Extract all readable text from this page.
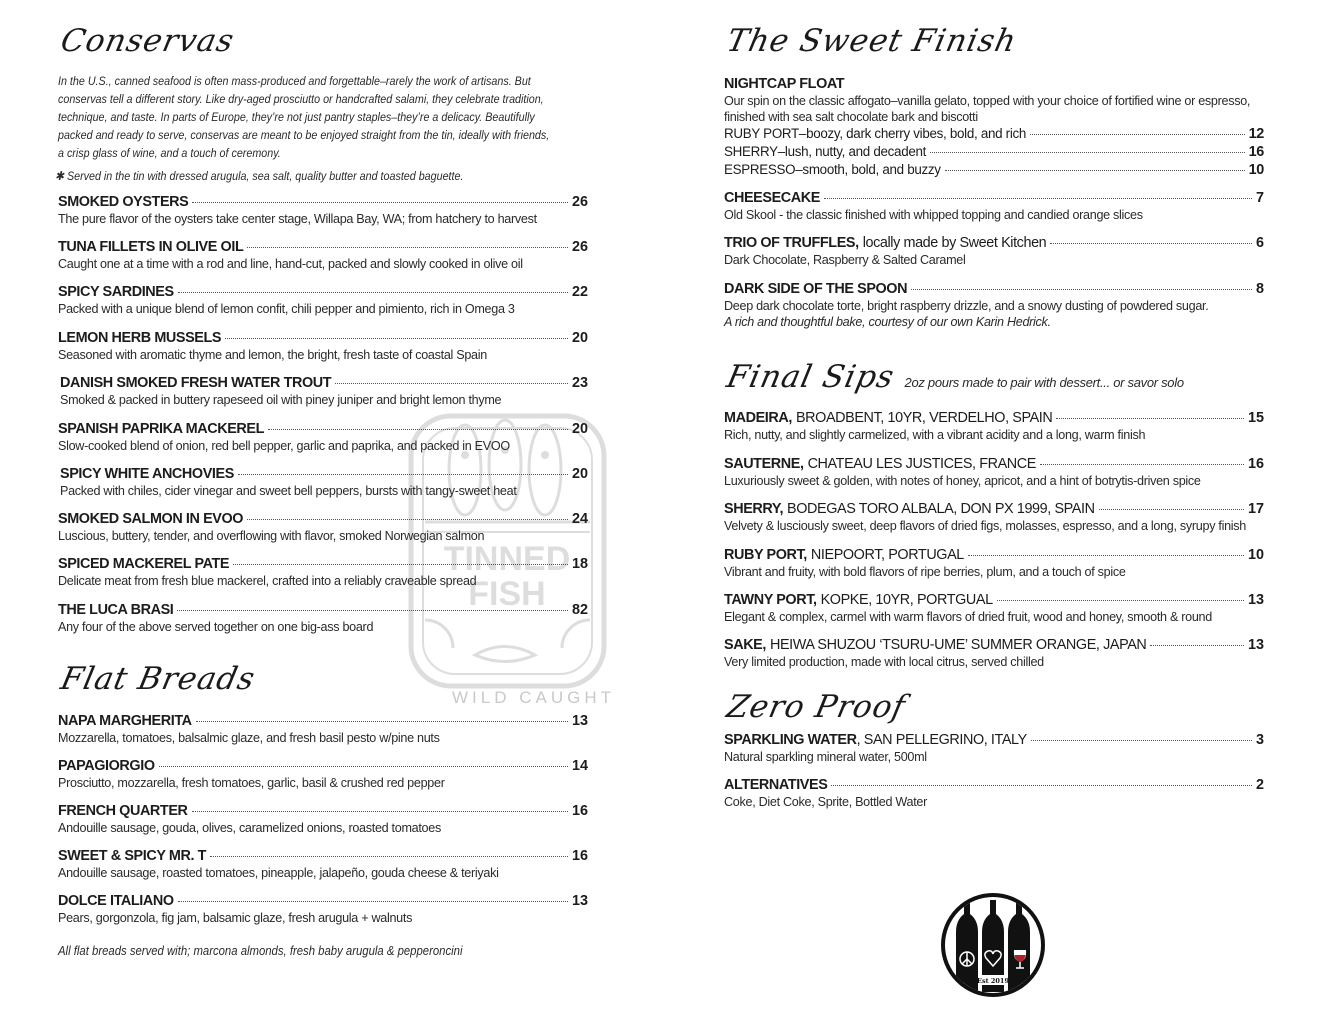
Conservas
In the U.S., canned seafood is often mass-produced and forgettable–rarely the work of artisans. But
conservas tell a different story. Like dry-aged prosciutto or handcrafted salami, they celebrate tradition,
technique, and taste. In parts of Europe, they’re not just pantry staples–they’re a delicacy. Beautifully
packed and ready to serve, conservas are meant to be enjoyed straight from the tin, ideally with friends,
a crisp glass of wine, and a touch of ceremony.
✱ Served in the tin with dressed arugula, sea salt, quality butter and toasted baguette.
SMOKED OYSTERS	26
The pure flavor of the oysters take center stage, Willapa Bay, WA; from hatchery to harvest
TUNA FILLETS IN OLIVE OIL	26
Caught one at a time with a rod and line, hand-cut, packed and slowly cooked in olive oil
SPICY SARDINES	22
Packed with a unique blend of lemon confit, chili pepper and pimiento, rich in Omega 3
LEMON HERB MUSSELS	20
Seasoned with aromatic thyme and lemon, the bright, fresh taste of coastal Spain
DANISH SMOKED FRESH WATER TROUT	23
Smoked & packed in buttery rapeseed oil with piney juniper and bright lemon thyme
SPANISH PAPRIKA MACKEREL	20
Slow-cooked blend of onion, red bell pepper, garlic and paprika, and packed in EVOO
SPICY WHITE ANCHOVIES	20
Packed with chiles, cider vinegar and sweet bell peppers, bursts with tangy-sweet heat
SMOKED SALMON IN EVOO	24
Luscious, buttery, tender, and overflowing with flavor, smoked Norwegian salmon
SPICED MACKEREL PATE	18
Delicate meat from fresh blue mackerel, crafted into a reliably craveable spread
THE LUCA BRASI	82
Any four of the above served together on one big-ass board
Flat Breads
NAPA MARGHERITA	13
Mozzarella, tomatoes, balsalmic glaze, and fresh basil pesto w/pine nuts
PAPAGIORGIO	14
Prosciutto, mozzarella, fresh tomatoes, garlic, basil & crushed red pepper
FRENCH QUARTER	16
Andouille sausage, gouda, olives, caramelized onions, roasted tomatoes
SWEET & SPICY MR. T	16
Andouille sausage, roasted tomatoes, pineapple, jalapeño, gouda cheese & teriyaki
DOLCE ITALIANO	13
Pears, gorgonzola, fig jam, balsamic glaze, fresh arugula + walnuts
All flat breads served with; marcona almonds, fresh baby arugula & pepperoncini
TINNED
FISH
WILD CAUGHT
The Sweet Finish
NIGHTCAP FLOAT
Our spin on the classic affogato–vanilla gelato, topped with your choice of fortified wine or espresso,
finished with sea salt chocolate bark and biscotti
RUBY PORT–boozy, dark cherry vibes, bold, and rich	12
SHERRY–lush, nutty, and decadent	16
ESPRESSO–smooth, bold, and buzzy	10
CHEESECAKE	7
Old Skool - the classic finished with whipped topping and candied orange slices
TRIO OF TRUFFLES, locally made by Sweet Kitchen	6
Dark Chocolate, Raspberry & Salted Caramel
DARK SIDE OF THE SPOON	8
Deep dark chocolate torte, bright raspberry drizzle, and a snowy dusting of powdered sugar.
A rich and thoughtful bake, courtesy of our own Karin Hedrick.
Final Sips 2oz pours made to pair with dessert... or savor solo
MADEIRA, BROADBENT, 10YR, VERDELHO, SPAIN	15
Rich, nutty, and slightly carmelized, with a vibrant acidity and a long, warm finish
SAUTERNE, CHATEAU LES JUSTICES, FRANCE	16
Luxuriously sweet & golden, with notes of honey, apricot, and a hint of botrytis-driven spice
SHERRY, BODEGAS TORO ALBALA, DON PX 1999, SPAIN	17
Velvety & lusciously sweet, deep flavors of dried figs, molasses, espresso, and a long, syrupy finish
RUBY PORT, NIEPOORT, PORTUGAL	10
Vibrant and fruity, with bold flavors of ripe berries, plum, and a touch of spice
TAWNY PORT, KOPKE, 10YR, PORTGUAL	13
Elegant & complex, carmel with warm flavors of dried fruit, wood and honey, smooth & round
SAKE, HEIWA SHUZOU ‘TSURU-UME’ SUMMER ORANGE, JAPAN	13
Very limited production, made with local citrus, served chilled
Zero Proof
SPARKLING WATER , SAN PELLEGRINO, ITALY	3
Natural sparkling mineral water, 500ml
ALTERNATIVES	2
Coke, Diet Coke, Sprite, Bottled Water
Est 2019
